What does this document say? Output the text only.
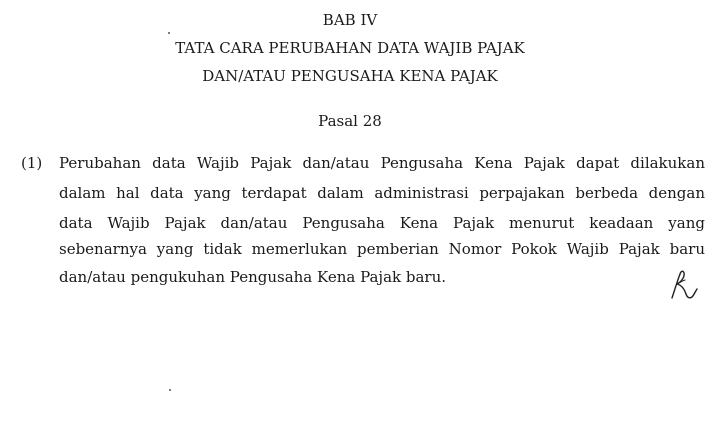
BAB IV
TATA CARA PERUBAHAN DATA WAJIB PAJAK
DAN/ATAU PENGUSAHA KENA PAJAK
Pasal 28
(1) Perubahan data Wajib Pajak dan/atau Pengusaha Kena Pajak dapat dilakukan
dalam hal data yang terdapat dalam administrasi perpajakan berbeda dengan
data Wajib Pajak dan/atau Pengusaha Kena Pajak menurut keadaan yang
sebenarnya yang tidak memerlukan pemberian Nomor Pokok Wajib Pajak baru
dan/atau pengukuhan Pengusaha Kena Pajak baru.
